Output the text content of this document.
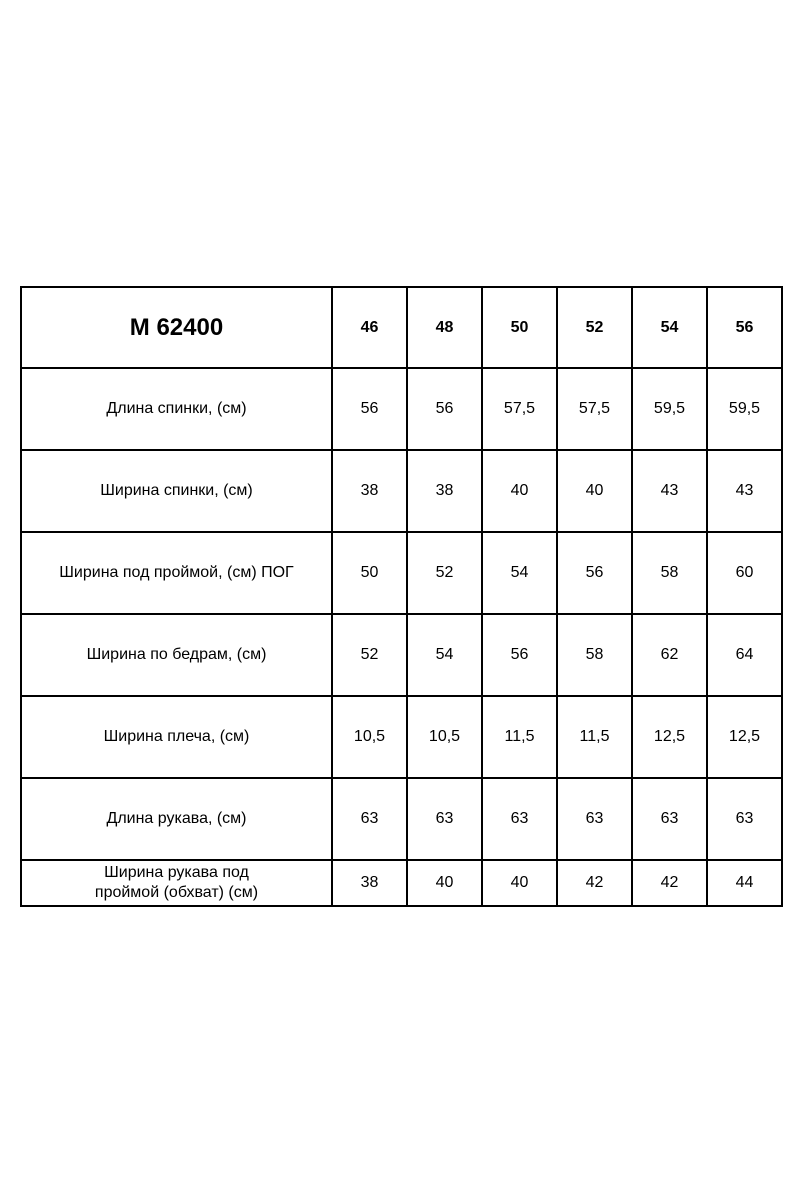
M 62400	46	48	50	52	54	56
Длина спинки, (см)	56	56	57,5	57,5	59,5	59,5
Ширина спинки, (см)	38	38	40	40	43	43
Ширина под проймой, (см) ПОГ	50	52	54	56	58	60
Ширина по бедрам, (см)	52	54	56	58	62	64
Ширина плеча, (см)	10,5	10,5	11,5	11,5	12,5	12,5
Длина рукава, (см)	63	63	63	63	63	63
Ширина рукава под
проймой (обхват) (см)	38	40	40	42	42	44
